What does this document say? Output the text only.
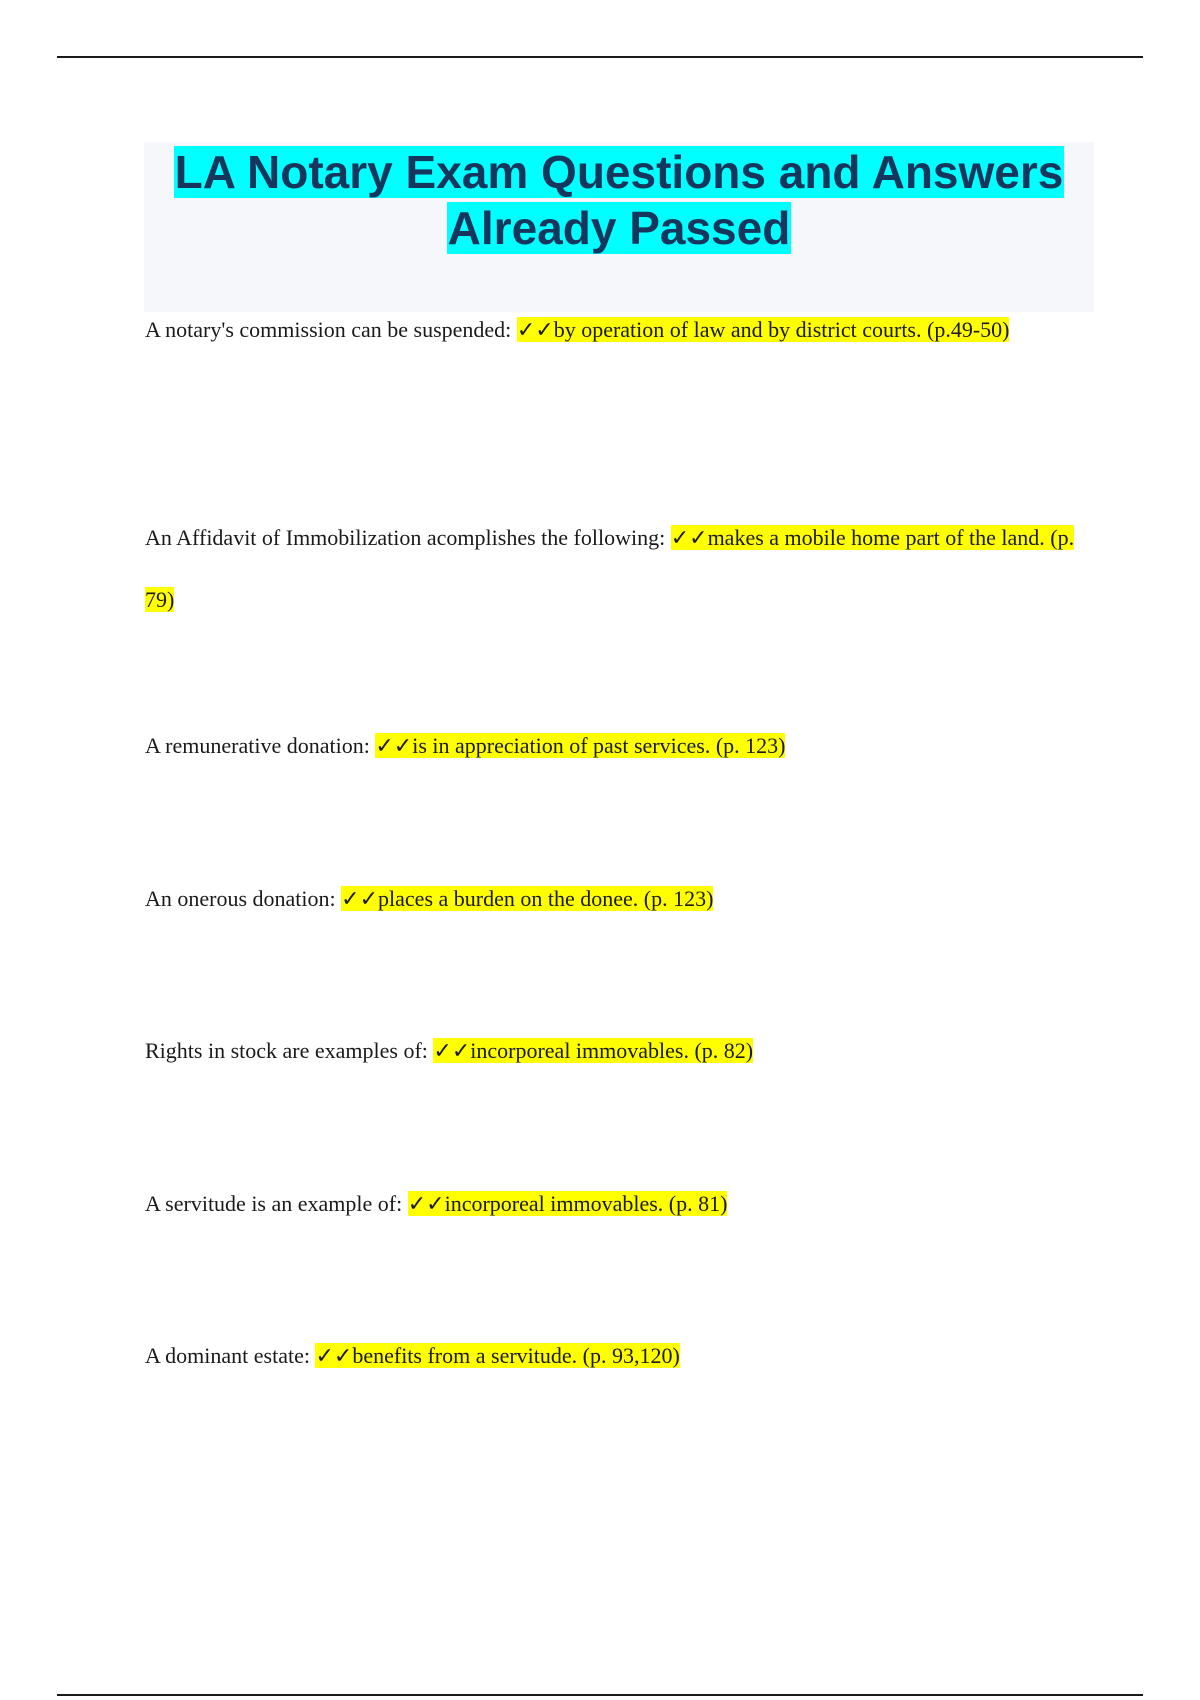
LA Notary Exam Questions and Answers
Already Passed

A notary's commission can be suspended: ✓✓by operation of law and by district courts. (p.49-50)

An Affidavit of Immobilization acomplishes the following: ✓✓makes a mobile home part of the land. (p. 79)

A remunerative donation: ✓✓is in appreciation of past services. (p. 123)

An onerous donation: ✓✓places a burden on the donee. (p. 123)

Rights in stock are examples of: ✓✓incorporeal immovables. (p. 82)

A servitude is an example of: ✓✓incorporeal immovables. (p. 81)

A dominant estate: ✓✓benefits from a servitude. (p. 93,120)
